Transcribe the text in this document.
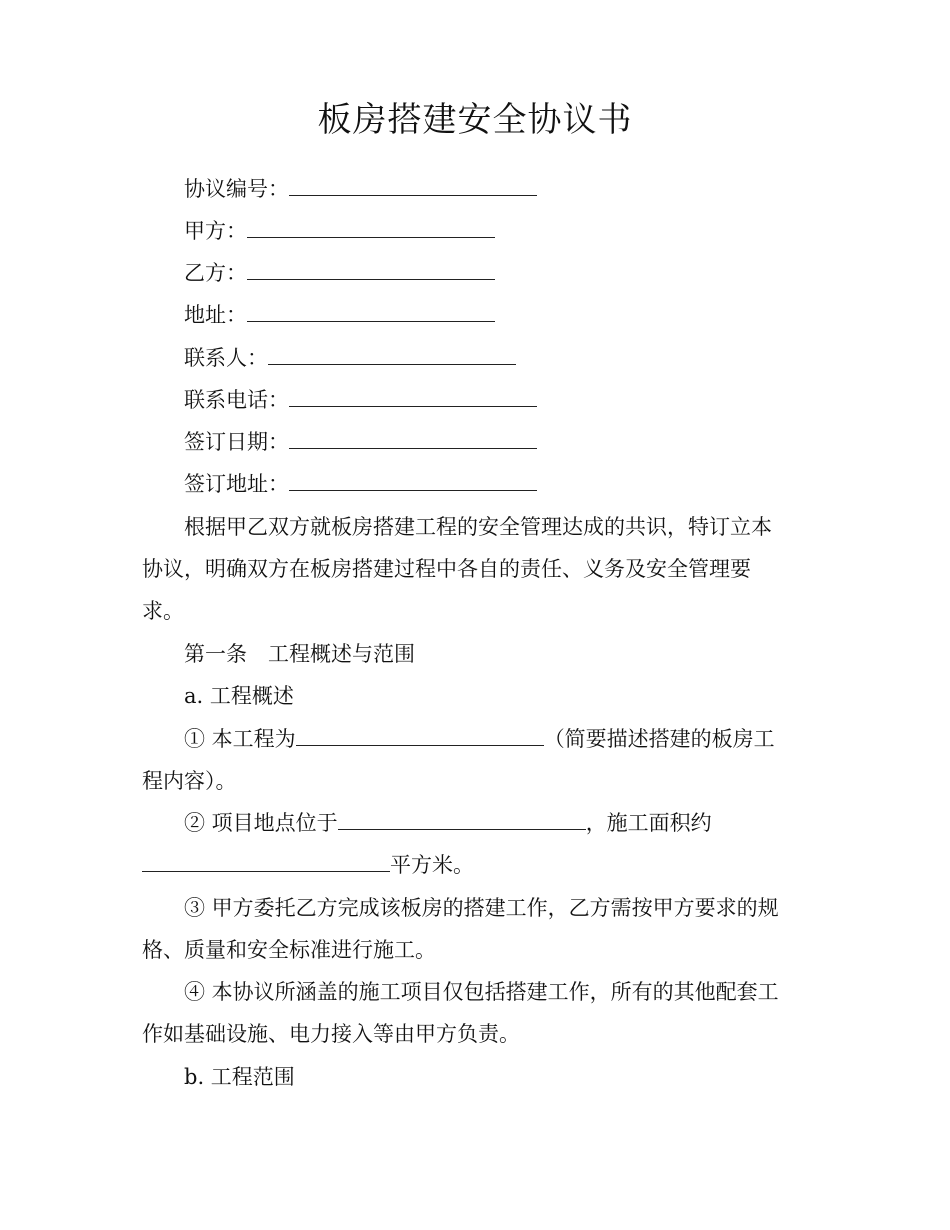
板房搭建安全协议书
协议编号：
甲方：
乙方：
地址：
联系人：
联系电话：
签订日期：
签订地址：
根据甲乙双方就板房搭建工程的安全管理达成的共识，特订立本
协议，明确双方在板房搭建过程中各自的责任、义务及安全管理要
求。
第一条　工程概述与范围
a. 工程概述
① 本工程为	（简要描述搭建的板房工
程内容）。
② 项目地点位于	，施工面积约
平方米。
③ 甲方委托乙方完成该板房的搭建工作，乙方需按甲方要求的规
格、质量和安全标准进行施工。
④ 本协议所涵盖的施工项目仅包括搭建工作，所有的其他配套工
作如基础设施、电力接入等由甲方负责。
b. 工程范围
